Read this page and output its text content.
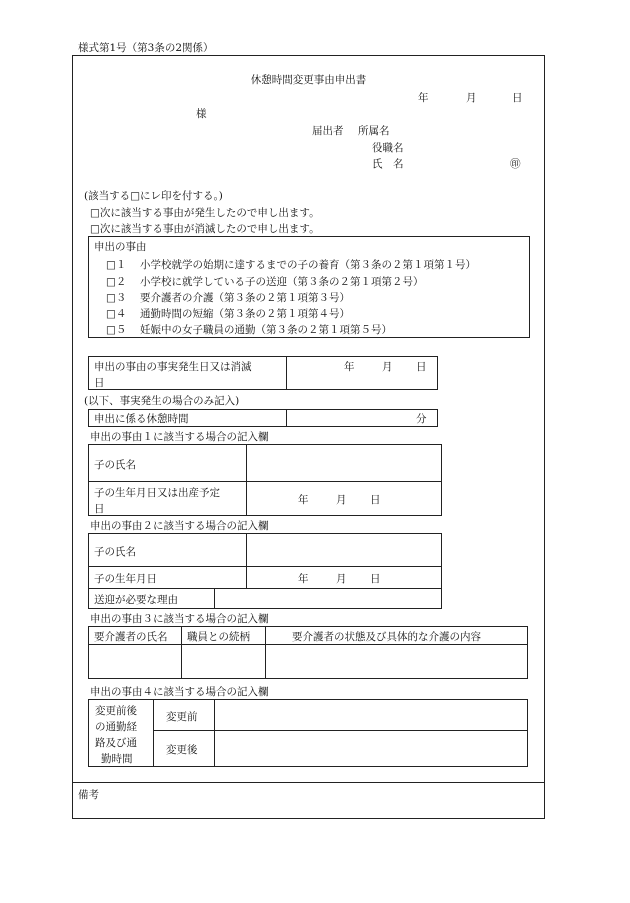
様式第1号（第3条の2関係）
休憩時間変更事由申出書
年	月	日
様
届出者 所属名
役職名
氏　名	㊞
(該当する□にレ印を付する。)
□次に該当する事由が発生したので申し出ます。
□次に該当する事由が消滅したので申し出ます。
申出の事由
□１ 小学校就学の始期に達するまでの子の養育（第３条の２第１項第１号）
□２ 小学校に就学している子の送迎（第３条の２第１項第２号）
□３ 要介護者の介護（第３条の２第１項第３号）
□４ 通勤時間の短縮（第３条の２第１項第４号）
□５ 妊娠中の女子職員の通勤（第３条の２第１項第５号）
申出の事由の事実発生日又は消滅
日
年	月 日
(以下、事実発生の場合のみ記入)
申出に係る休憩時間	分
申出の事由１に該当する場合の記入欄
子の氏名
子の生年月日又は出産予定
日
年	月 日
申出の事由２に該当する場合の記入欄
子の氏名
子の生年月日	年	月 日
送迎が必要な理由
申出の事由３に該当する場合の記入欄
要介護者の氏名 職員との続柄	要介護者の状態及び具体的な介護の内容
申出の事由４に該当する場合の記入欄
変更前後
の通勤経
路及び通
勤時間
変更前
変更後
備考
